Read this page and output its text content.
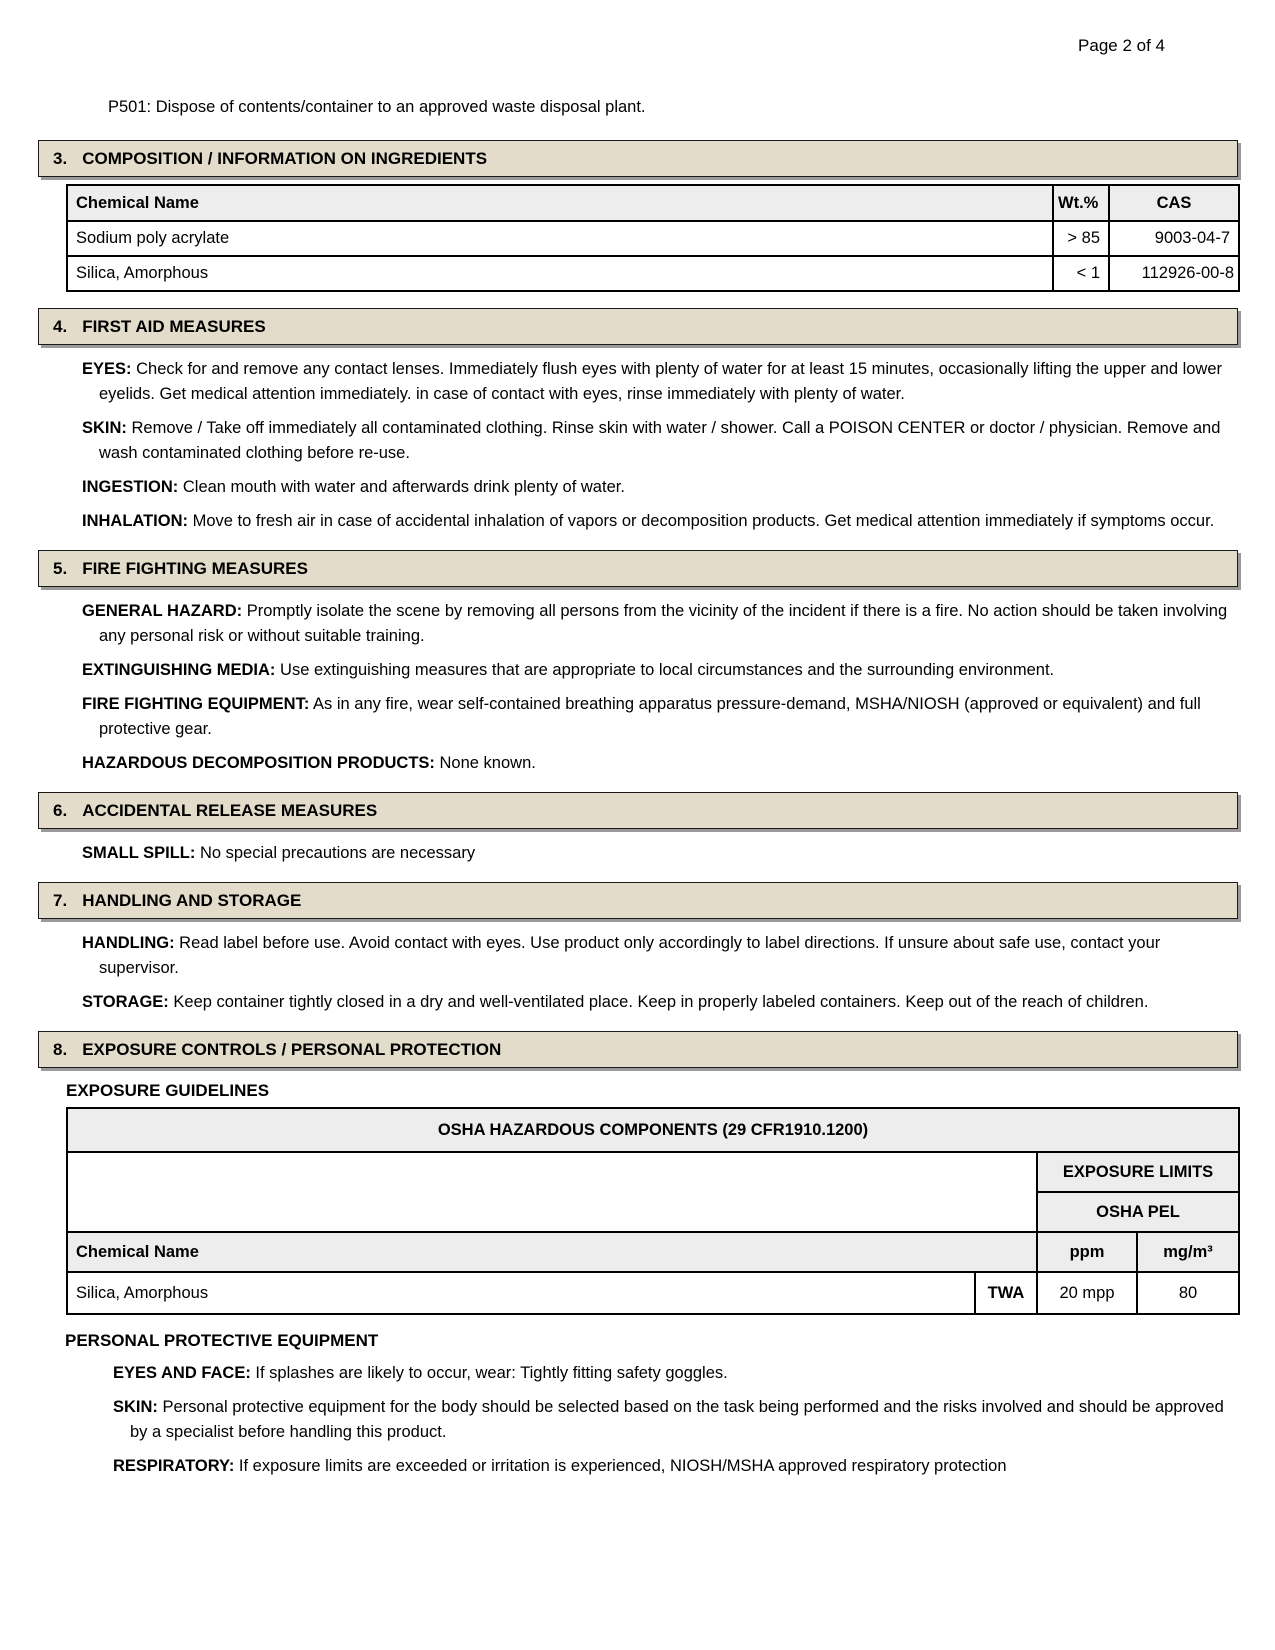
Page 2 of 4

P501: Dispose of contents/container to an approved waste disposal plant.

3. COMPOSITION / INFORMATION ON INGREDIENTS
Chemical Name	Wt.%	CAS
Sodium poly acrylate	> 85	9003-04-7
Silica, Amorphous	< 1	112926-00-8
4. FIRST AID MEASURES

EYES: Check for and remove any contact lenses. Immediately flush eyes with plenty of water for at least 15 minutes, occasionally lifting the upper and lower eyelids. Get medical attention immediately. in case of contact with eyes, rinse immediately with plenty of water.

SKIN: Remove / Take off immediately all contaminated clothing. Rinse skin with water / shower. Call a POISON CENTER or doctor / physician. Remove and wash contaminated clothing before re-use.

INGESTION: Clean mouth with water and afterwards drink plenty of water.

INHALATION: Move to fresh air in case of accidental inhalation of vapors or decomposition products. Get medical attention immediately if symptoms occur.

5. FIRE FIGHTING MEASURES

GENERAL HAZARD: Promptly isolate the scene by removing all persons from the vicinity of the incident if there is a fire. No action should be taken involving any personal risk or without suitable training.

EXTINGUISHING MEDIA: Use extinguishing measures that are appropriate to local circumstances and the surrounding environment.

FIRE FIGHTING EQUIPMENT: As in any fire, wear self-contained breathing apparatus pressure-demand, MSHA/NIOSH (approved or equivalent) and full protective gear.

HAZARDOUS DECOMPOSITION PRODUCTS: None known.

6. ACCIDENTAL RELEASE MEASURES

SMALL SPILL: No special precautions are necessary

7. HANDLING AND STORAGE

HANDLING: Read label before use. Avoid contact with eyes. Use product only accordingly to label directions. If unsure about safe use, contact your supervisor.

STORAGE: Keep container tightly closed in a dry and well-ventilated place. Keep in properly labeled containers. Keep out of the reach of children.

8. EXPOSURE CONTROLS / PERSONAL PROTECTION
EXPOSURE GUIDELINES
OSHA HAZARDOUS COMPONENTS (29 CFR1910.1200)			
		EXPOSURE LIMITS	
		OSHA PEL	
Chemical Name		ppm	mg/m³
Silica, Amorphous	TWA	20 mpp	80
PERSONAL PROTECTIVE EQUIPMENT

EYES AND FACE: If splashes are likely to occur, wear: Tightly fitting safety goggles.

SKIN: Personal protective equipment for the body should be selected based on the task being performed and the risks involved and should be approved by a specialist before handling this product.

RESPIRATORY: If exposure limits are exceeded or irritation is experienced, NIOSH/MSHA approved respiratory protection
